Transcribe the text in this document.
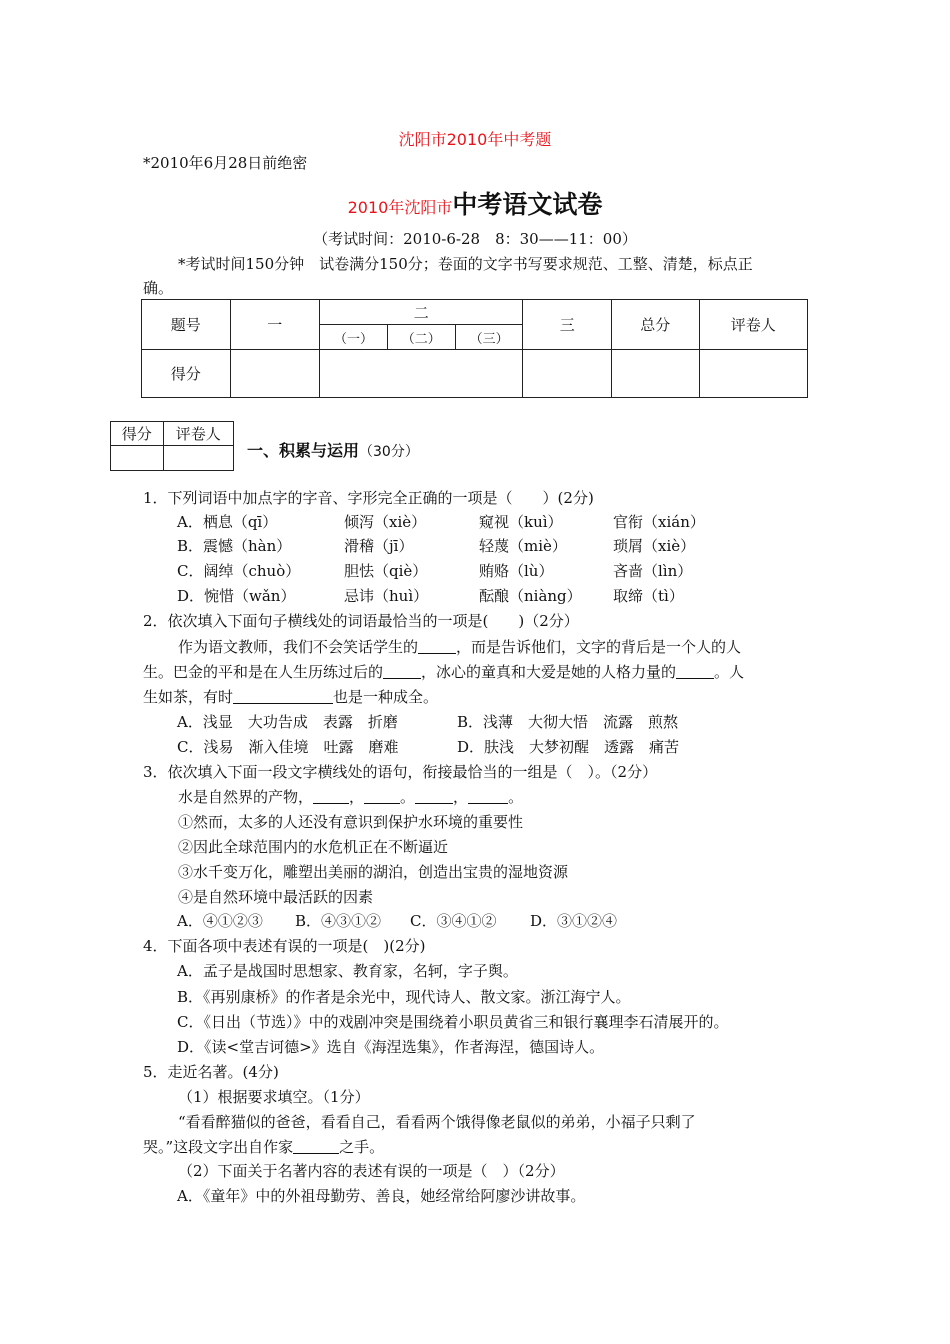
沈阳市2010年中考题
*2010年6月28日前绝密
2010年沈阳市中考语文试卷
（考试时间：2010-6-28　8：30——11：00）
*考试时间150分钟　试卷满分150分；卷面的文字书写要求规范、工整、清楚，标点正
确。
题号	一	二			三	总分	评卷人
		（一）	（二）	（三）			
得分							
得分	评卷人

一、积累与运用（30分）
1．下列词语中加点字的字音、字形完全正确的一项是（　　）(2分)
A．栖息（qī）	倾泻（xiè）	窥视（kuì）	官衔（xián）
B．震憾（hàn）	滑稽（jī）	轻蔑（miè）	琐屑（xiè）
C．阔绰（chuò）	胆怯（qiè）	贿赂（lù）	吝啬（lìn）
D．惋惜（wǎn）	忌讳（huì）	酝酿（niàng） 取缔（tì）
2．依次填入下面句子横线处的词语最恰当的一项是(　　)（2分）
作为语文教师，我们不会笑话学生的	，而是告诉他们，文字的背后是一个人的人
生。巴金的平和是在人生历练过后的	，冰心的童真和大爱是她的人格力量的	。人
生如茶，有时	也是一种成全。
A．浅显　大功告成　表露　折磨	B．浅薄　大彻大悟　流露　煎熬
C．浅易　渐入佳境　吐露　磨难	D．肤浅　大梦初醒　透露　痛苦
3．依次填入下面一段文字横线处的语句，衔接最恰当的一组是（　）。（2分）
水是自然界的产物， ， 。	，	。
①然而，太多的人还没有意识到保护水环境的重要性
②因此全球范围内的水危机正在不断逼近
③水千变万化，雕塑出美丽的湖泊，创造出宝贵的湿地资源
④是自然环境中最活跃的因素
A．④①②③ B．④③①② C．③④①② D．③①②④
4．下面各项中表述有误的一项是(　)(2分)
A．孟子是战国时思想家、教育家，名轲，字子舆。
B．《再别康桥》的作者是余光中，现代诗人、散文家。浙江海宁人。
C．《日出（节选）》中的戏剧冲突是围绕着小职员黄省三和银行襄理李石清展开的。
D．《读<堂吉诃德>》选自《海涅选集》，作者海涅，德国诗人。
5．走近名著。(4分)
（1）根据要求填空。（1分）
“看看醉猫似的爸爸，看看自己，看看两个饿得像老鼠似的弟弟，小福子只剩了
哭。”这段文字出自作家	之手。
（2）下面关于名著内容的表述有误的一项是（　）（2分）
A．《童年》中的外祖母勤劳、善良，她经常给阿廖沙讲故事。
